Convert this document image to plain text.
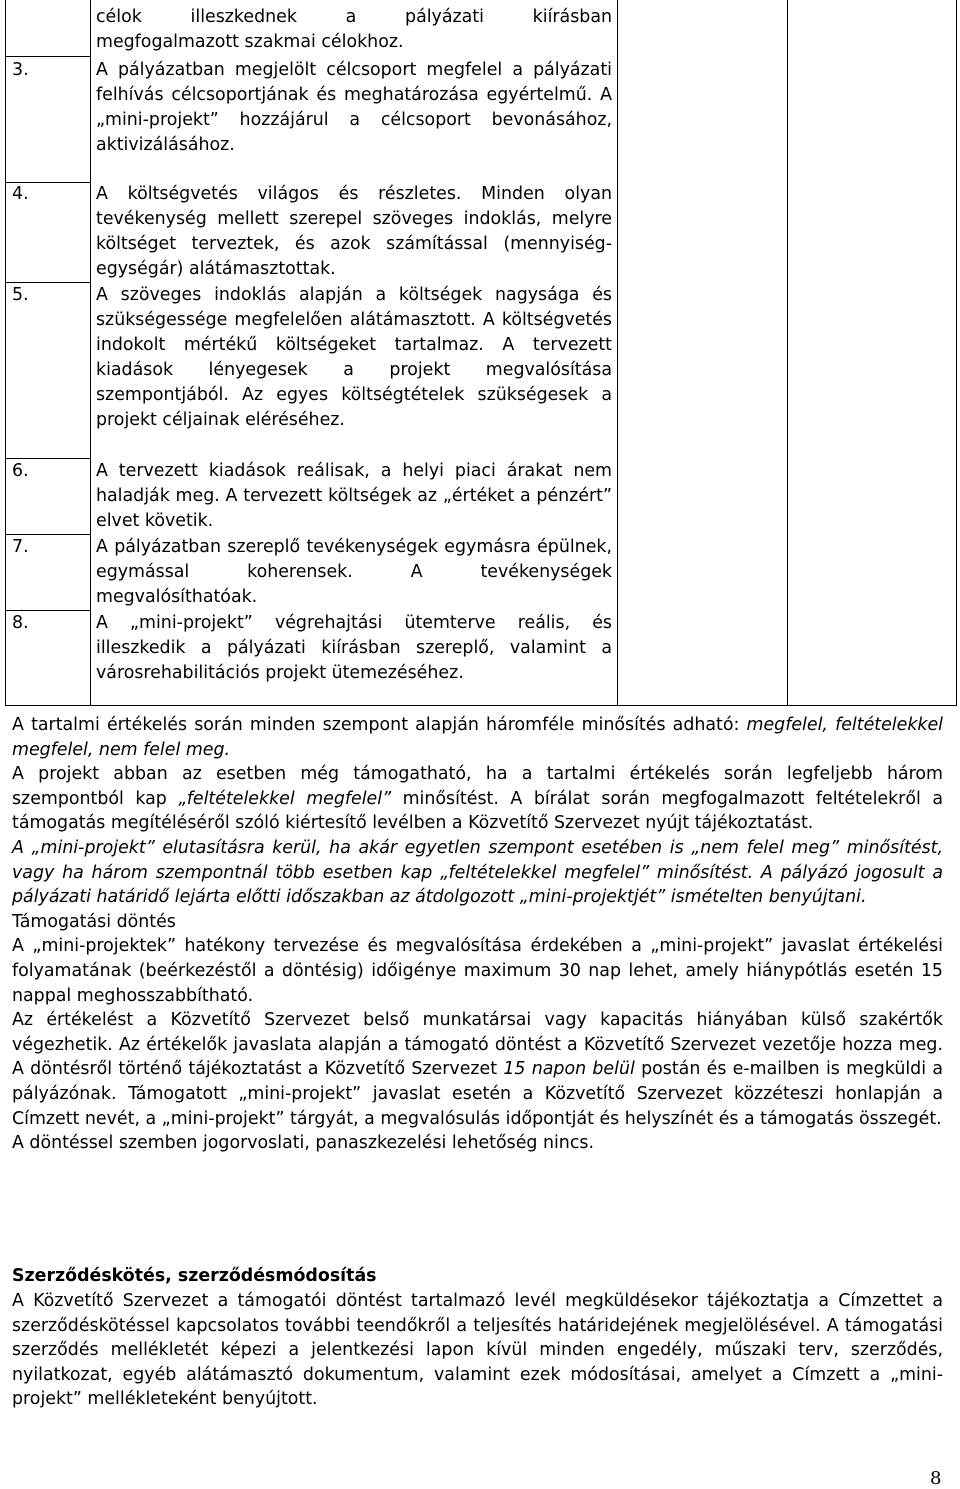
célok illeszkednek a pályázati kiírásban
megfogalmazott szakmai célokhoz.
3.	A pályázatban megjelölt célcsoport megfelel a pályázati felhívás célcsoportjának és meghatározása egyértelmű. A „mini-projekt” hozzájárul a célcsoport bevonásához, aktivizálásához.
4.	A költségvetés világos és részletes. Minden olyan tevékenység mellett szerepel szöveges indoklás, melyre költséget terveztek, és azok számítással (mennyiség-egységár) alátámasztottak.
5.	A szöveges indoklás alapján a költségek nagysága és szükségessége megfelelően alátámasztott. A költségvetés indokolt mértékű költségeket tartalmaz. A tervezett kiadások lényegesek a projekt megvalósítása szempontjából. Az egyes költségtételek szükségesek a projekt céljainak eléréséhez.
6.	A tervezett kiadások reálisak, a helyi piaci árakat nem haladják meg. A tervezett költségek az „értéket a pénzért” elvet követik.
7.	A pályázatban szereplő tevékenységek egymásra épülnek, egymással koherensek. A tevékenységek megvalósíthatóak.
8.	A „mini-projekt” végrehajtási ütemterve reális, és illeszkedik a pályázati kiírásban szereplő, valamint a városrehabilitációs projekt ütemezéséhez.

A tartalmi értékelés során minden szempont alapján háromféle minősítés adható: megfelel, feltételekkel megfelel, nem felel meg.

A projekt abban az esetben még támogatható, ha a tartalmi értékelés során legfeljebb három szempontból kap „feltételekkel megfelel” minősítést. A bírálat során megfogalmazott feltételekről a támogatás megítéléséről szóló kiértesítő levélben a Közvetítő Szervezet nyújt tájékoztatást.

A „mini-projekt” elutasításra kerül, ha akár egyetlen szempont esetében is „nem felel meg” minősítést, vagy ha három szempontnál több esetben kap „feltételekkel megfelel” minősítést. A pályázó jogosult a pályázati határidő lejárta előtti időszakban az átdolgozott „mini-projektjét” ismételten benyújtani.

Támogatási döntés

A „mini-projektek” hatékony tervezése és megvalósítása érdekében a „mini-projekt” javaslat értékelési folyamatának (beérkezéstől a döntésig) időigénye maximum 30 nap lehet, amely hiánypótlás esetén 15 nappal meghosszabbítható.

Az értékelést a Közvetítő Szervezet belső munkatársai vagy kapacitás hiányában külső szakértők végezhetik. Az értékelők javaslata alapján a támogató döntést a Közvetítő Szervezet vezetője hozza meg. A döntésről történő tájékoztatást a Közvetítő Szervezet 15 napon belül postán és e-mailben is megküldi a pályázónak. Támogatott „mini-projekt” javaslat esetén a Közvetítő Szervezet közzéteszi honlapján a Címzett nevét, a „mini-projekt” tárgyát, a megvalósulás időpontját és helyszínét és a támogatás összegét.

A döntéssel szemben jogorvoslati, panaszkezelési lehetőség nincs.

Szerződéskötés, szerződésmódosítás

A Közvetítő Szervezet a támogatói döntést tartalmazó levél megküldésekor tájékoztatja a Címzettet a szerződéskötéssel kapcsolatos további teendőkről a teljesítés határidejének megjelölésével. A támogatási szerződés mellékletét képezi a jelentkezési lapon kívül minden engedély, műszaki terv, szerződés, nyilatkozat, egyéb alátámasztó dokumentum, valamint ezek módosításai, amelyet a Címzett a „mini-projekt” mellékleteként benyújtott.

8
